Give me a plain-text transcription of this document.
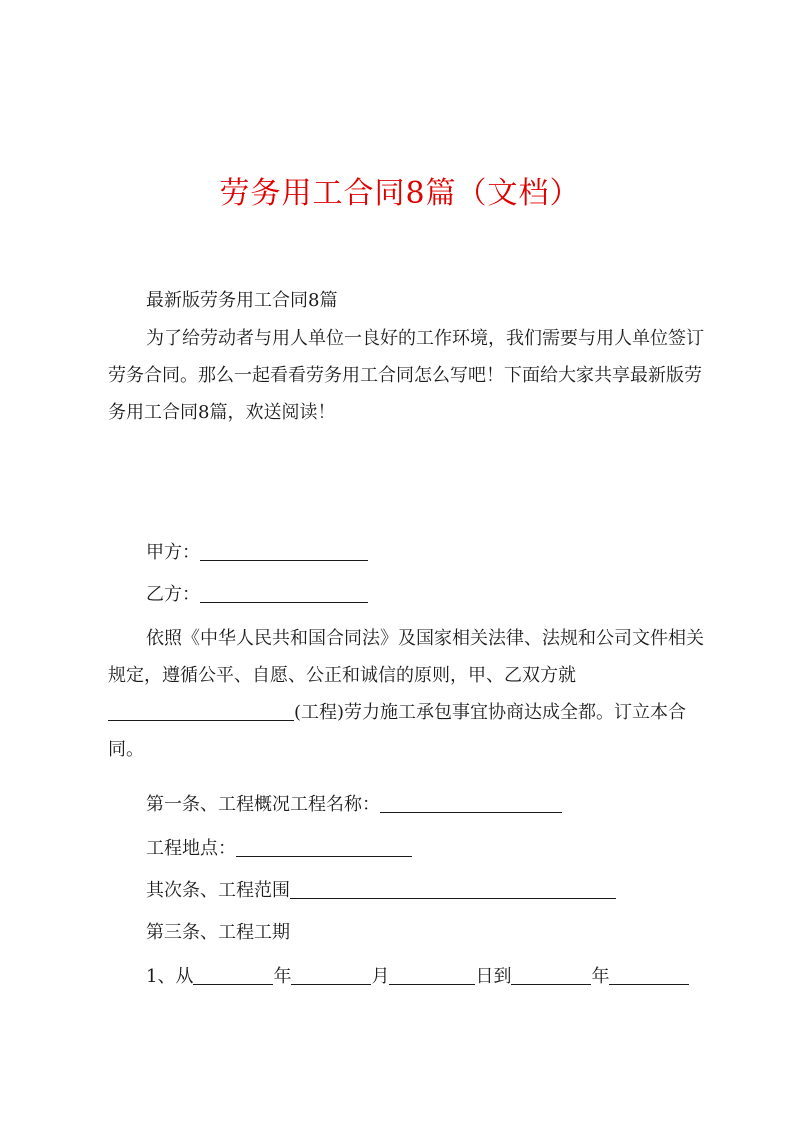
劳务用工合同8篇（文档）

最新版劳务用工合同8篇

为了给劳动者与用人单位一良好的工作环境，我们需要与用人单位签订劳务合同。那么一起看看劳务用工合同怎么写吧！下面给大家共享最新版劳务用工合同8篇，欢送阅读！

甲方：

乙方：

依照《中华人民共和国合同法》及国家相关法律、法规和公司文件相关规定，遵循公平、自愿、公正和诚信的原则，甲、乙双方就(工程)劳力施工承包事宜协商达成全都。订立本合同。

第一条、工程概况工程名称：

工程地点：

其次条、工程范围

第三条、工程工期

1、从	年	月	日到	年
